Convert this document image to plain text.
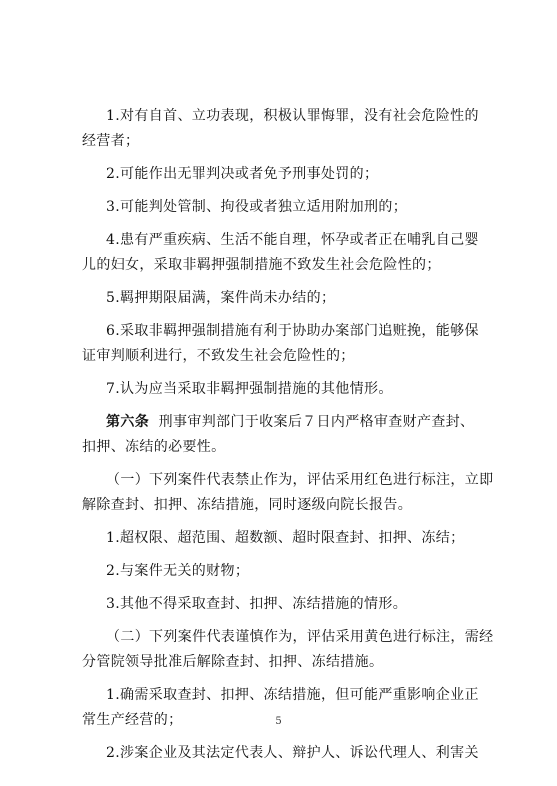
1.对有自首、立功表现，积极认罪悔罪，没有社会危险性的
经营者；
2.可能作出无罪判决或者免予刑事处罚的；
3.可能判处管制、拘役或者独立适用附加刑的；
4.患有严重疾病、生活不能自理，怀孕或者正在哺乳自己婴
儿的妇女，采取非羁押强制措施不致发生社会危险性的；
5.羁押期限届满，案件尚未办结的；
6.采取非羁押强制措施有利于协助办案部门追赃挽，能够保
证审判顺利进行，不致发生社会危险性的；
7.认为应当采取非羁押强制措施的其他情形。
第六条 刑事审判部门于收案后７日内严格审查财产查封、
扣押、冻结的必要性。
（一）下列案件代表禁止作为，评估采用红色进行标注，立即
解除查封、扣押、冻结措施，同时逐级向院长报告。
1.超权限、超范围、超数额、超时限查封、扣押、冻结；
2.与案件无关的财物；
3.其他不得采取查封、扣押、冻结措施的情形。
（二）下列案件代表谨慎作为，评估采用黄色进行标注，需经
分管院领导批准后解除查封、扣押、冻结措施。
1.确需采取查封、扣押、冻结措施，但可能严重影响企业正
常生产经营的；
2.涉案企业及其法定代表人、辩护人、诉讼代理人、利害关
5
